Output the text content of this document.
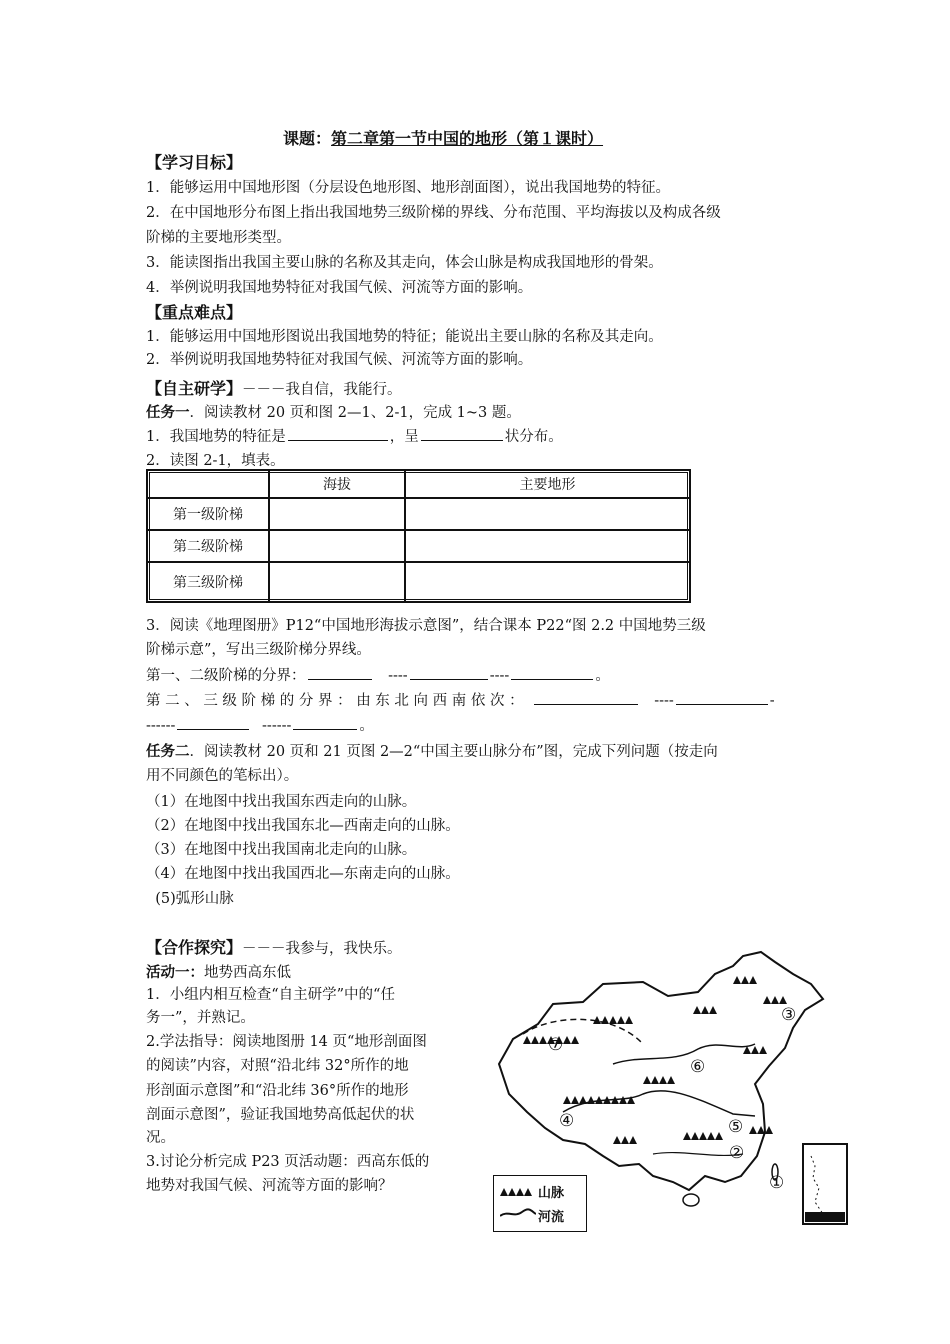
课题：第二章第一节中国的地形（第１课时）
【学习目标】
1．能够运用中国地形图（分层设色地形图、地形剖面图），说出我国地势的特征。
2．在中国地形分布图上指出我国地势三级阶梯的界线、分布范围、平均海拔以及构成各级
阶梯的主要地形类型。
3．能读图指出我国主要山脉的名称及其走向，体会山脉是构成我国地形的骨架。
4．举例说明我国地势特征对我国气候、河流等方面的影响。
【重点难点】
1．能够运用中国地形图说出我国地势的特征；能说出主要山脉的名称及其走向。
2．举例说明我国地势特征对我国气候、河流等方面的影响。
【自主研学】－－－我自信，我能行。
任务一．阅读教材 20 页和图 2—1、2-1，完成 1~3 题。
1．我国地势的特征是	，呈	状分布。
2．读图 2-1，填表。
	海拔	主要地形
第一级阶梯		
第二级阶梯		
第三级阶梯		
3．阅读《地理图册》P12“中国地形海拔示意图”，结合课本 P22“图 2.2 中国地势三级
阶梯示意”，写出三级阶梯分界线。
第一、二级阶梯的分界：	----	----	。
第 二 、 三 级 阶 梯 的 分 界 ： 由 东 北 向 西 南 依 次 ：	----	-
------	------	。
任务二．阅读教材 20 页和 21 页图 2—2“中国主要山脉分布”图，完成下列问题（按走向
用不同颜色的笔标出）。
（1）在地图中找出我国东西走向的山脉。
（2）在地图中找出我国东北—西南走向的山脉。
（3）在地图中找出我国南北走向的山脉。
（4）在地图中找出我国西北—东南走向的山脉。
(5)弧形山脉
【合作探究】－－－我参与，我快乐。
活动一：地势西高东低
1．小组内相互检查“自主研学”中的“任
务一”，并熟记。
2.学法指导：阅读地图册 14 页“地形剖面图
的阅读”内容，对照“沿北纬 32°所作的地
形剖面示意图”和“沿北纬 36°所作的地形
剖面示意图”，验证我国地势高低起伏的状
况。
3.讨论分析完成 P23 页活动题：西高东低的
地势对我国气候、河流等方面的影响？	①
②
③
④	⑤
⑥
⑦
山脉
河流
